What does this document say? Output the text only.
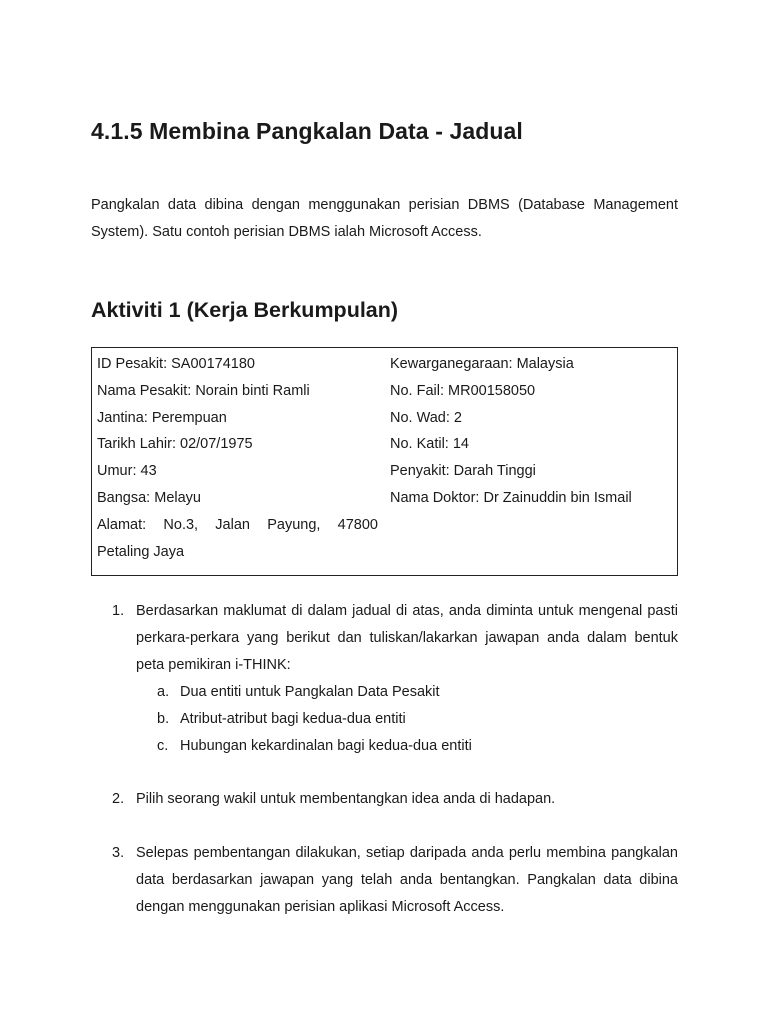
4.1.5 Membina Pangkalan Data - Jadual

Pangkalan data dibina dengan menggunakan perisian DBMS (Database Management System). Satu contoh perisian DBMS ialah Microsoft Access.

Aktiviti 1 (Kerja Berkumpulan)
ID Pesakit: SA00174180
Nama Pesakit: Norain binti Ramli
Jantina: Perempuan
Tarikh Lahir: 02/07/1975
Umur: 43
Bangsa: Melayu
Alamat: No.3, Jalan Payung, 47800 Petaling Jaya
Kewarganegaraan: Malaysia
No. Fail: MR00158050
No. Wad: 2
No. Katil: 14
Penyakit: Darah Tinggi
Nama Doktor: Dr Zainuddin bin Ismail
1. Berdasarkan maklumat di dalam jadual di atas, anda diminta untuk mengenal pasti perkara-perkara yang berikut dan tuliskan/lakarkan jawapan anda dalam bentuk peta pemikiran i-THINK:
a. Dua entiti untuk Pangkalan Data Pesakit
b. Atribut-atribut bagi kedua-dua entiti
c. Hubungan kekardinalan bagi kedua-dua entiti
2. Pilih seorang wakil untuk membentangkan idea anda di hadapan.
3. Selepas pembentangan dilakukan, setiap daripada anda perlu membina pangkalan data berdasarkan jawapan yang telah anda bentangkan. Pangkalan data dibina dengan menggunakan perisian aplikasi Microsoft Access.
